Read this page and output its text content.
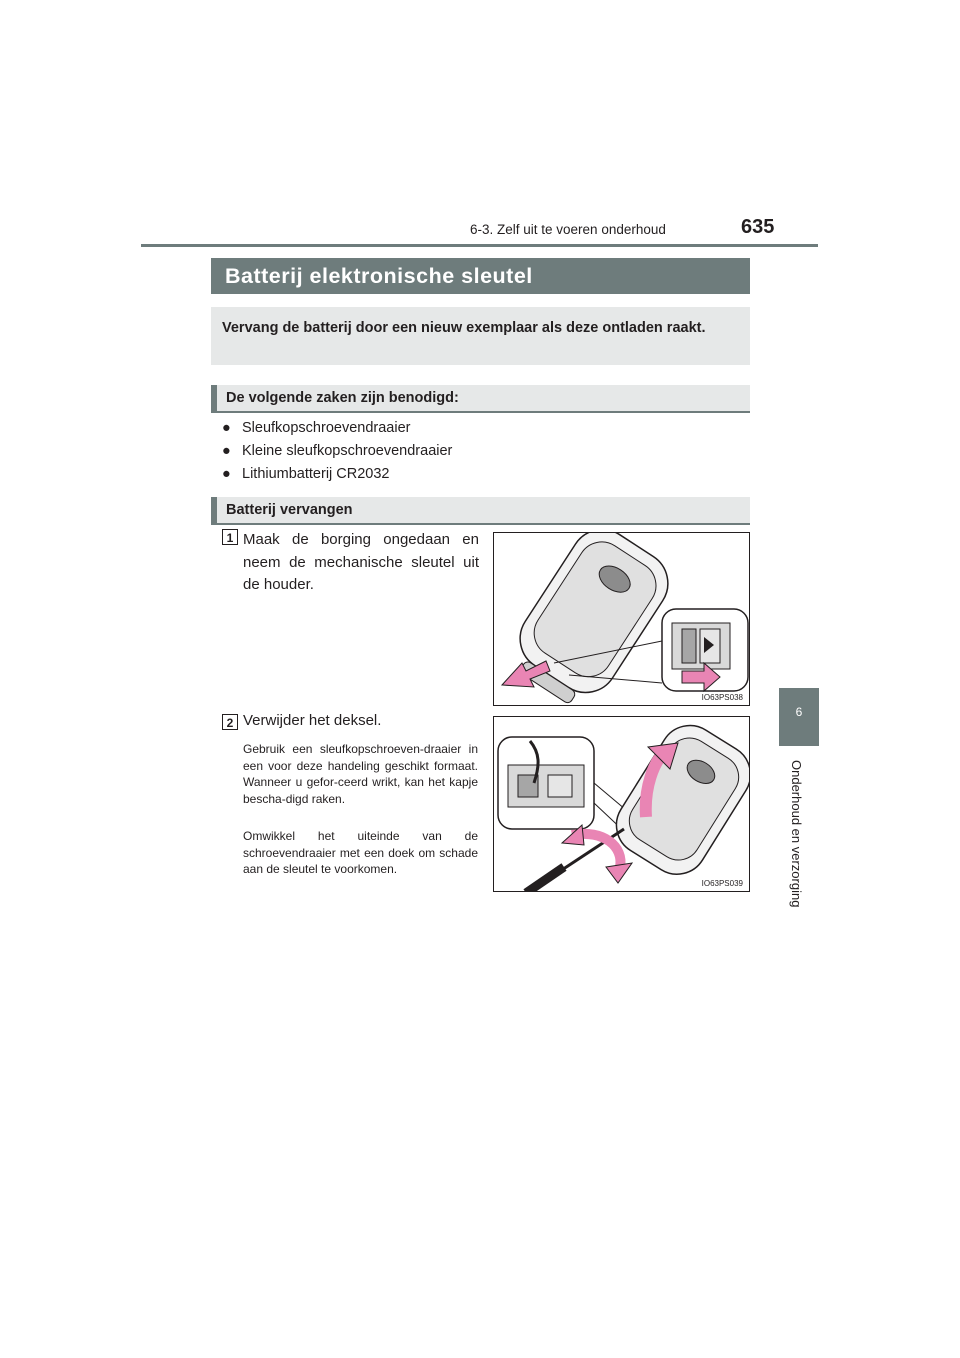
6-3. Zelf uit te voeren onderhoud	635
6
Onderhoud en verzorging
Batterij elektronische sleutel
Vervang de batterij door een nieuw exemplaar als deze ontladen raakt.
De volgende zaken zijn benodigd:
● Sleufkopschroevendraaier
● Kleine sleufkopschroevendraaier
● Lithiumbatterij CR2032
Batterij vervangen
1 Maak de borging ongedaan en neem de mechanische sleutel uit de houder.
IO63PS038
2 Verwijder het deksel.
Gebruik een sleufkopschroeven-draaier in een voor deze handeling geschikt formaat. Wanneer u gefor-ceerd wrikt, kan het kapje bescha-digd raken.
Omwikkel het uiteinde van de schroevendraaier met een doek om schade aan de sleutel te voorkomen.
IO63PS039
